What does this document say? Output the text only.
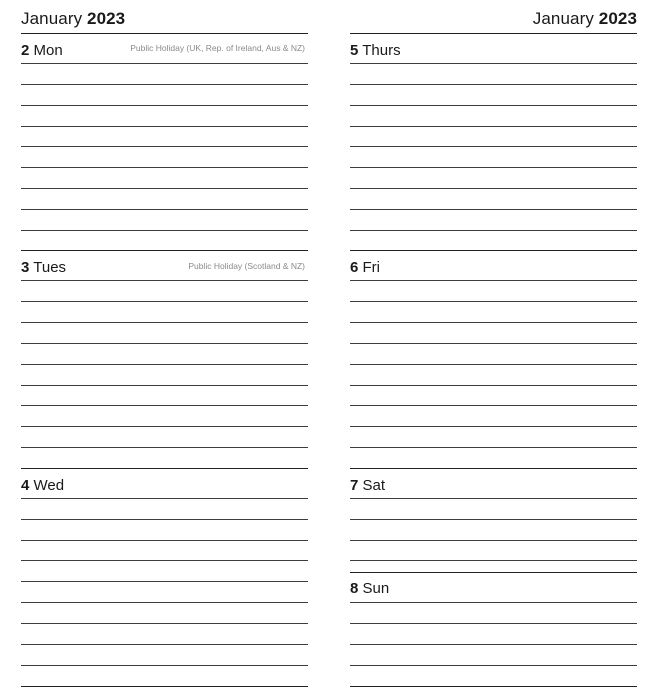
January 2023
2 Mon	Public Holiday (UK, Rep. of Ireland, Aus & NZ)
3 Tues	Public Holiday (Scotland & NZ)
4 Wed
January 2023
5 Thurs
6 Fri
7 Sat
8 Sun
